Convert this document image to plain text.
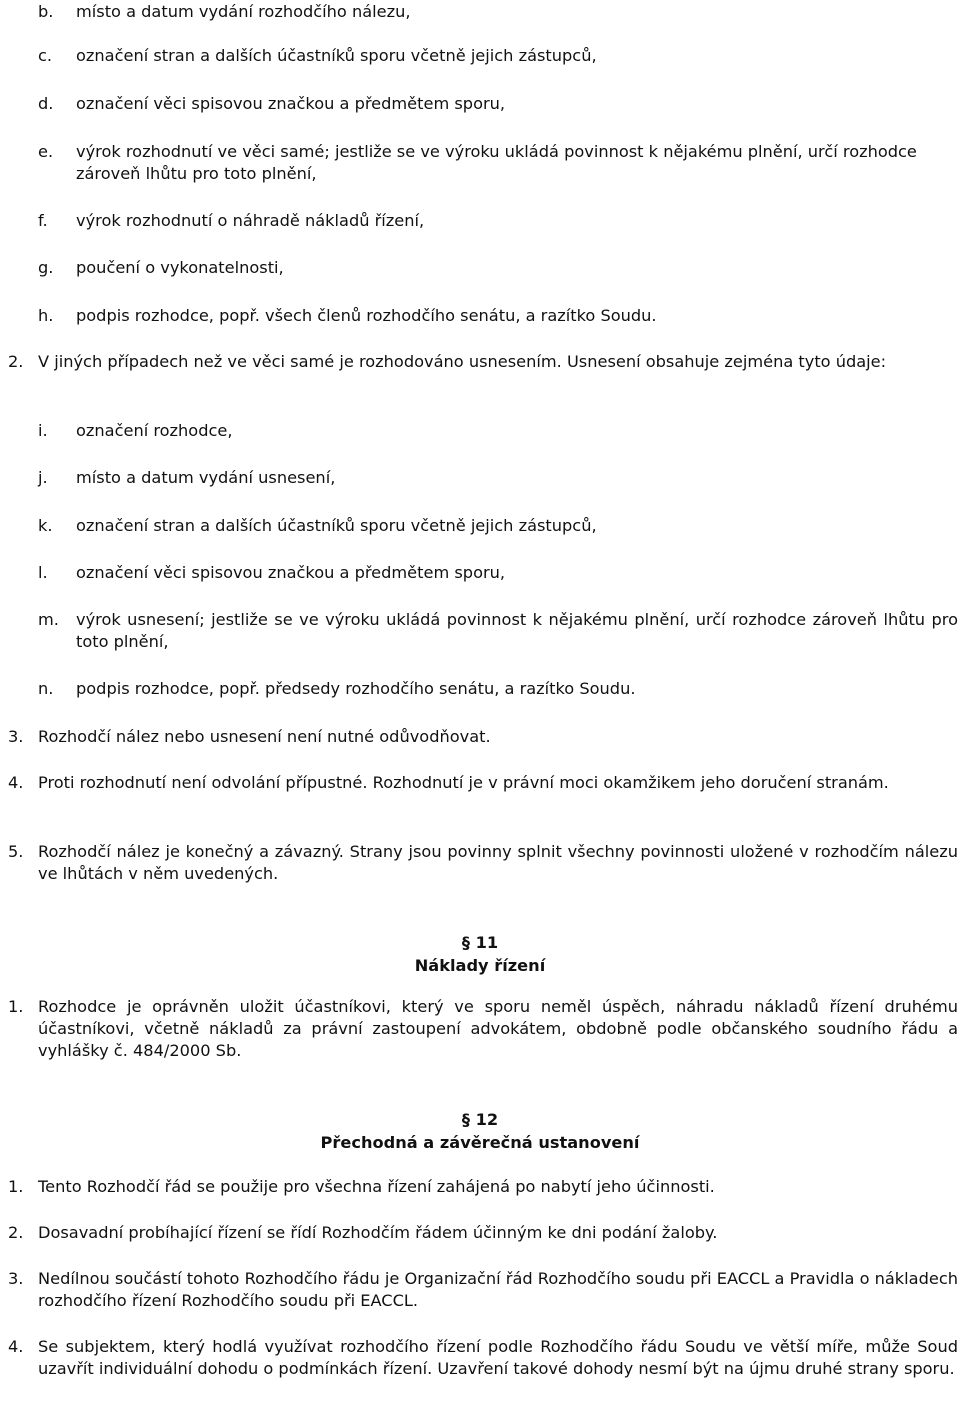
b.	místo a datum vydání rozhodčího nálezu,
c.	označení stran a dalších účastníků sporu včetně jejich zástupců,
d.	označení věci spisovou značkou a předmětem sporu,
e.	výrok rozhodnutí ve věci samé; jestliže se ve výroku ukládá povinnost k nějakému plnění, určí rozhodce zároveň lhůtu pro toto plnění,
f.	výrok rozhodnutí o náhradě nákladů řízení,
g.	poučení o vykonatelnosti,
h.	podpis rozhodce, popř. všech členů rozhodčího senátu, a razítko Soudu.
2. V jiných případech než ve věci samé je rozhodováno usnesením. Usnesení obsahuje zejména tyto údaje:
i.	označení rozhodce,
j.	místo a datum vydání usnesení,
k.	označení stran a dalších účastníků sporu včetně jejich zástupců,
l.	označení věci spisovou značkou a předmětem sporu,
m.	výrok usnesení; jestliže se ve výroku ukládá povinnost k nějakému plnění, určí rozhodce zároveň lhůtu pro toto plnění,
n.	podpis rozhodce, popř. předsedy rozhodčího senátu, a razítko Soudu.
3. Rozhodčí nález nebo usnesení není nutné odůvodňovat.
4. Proti rozhodnutí není odvolání přípustné. Rozhodnutí je v právní moci okamžikem jeho doručení stranám.
5. Rozhodčí nález je konečný a závazný. Strany jsou povinny splnit všechny povinnosti uložené v rozhodčím nálezu ve lhůtách v něm uvedených.
§ 11
Náklady řízení
1. Rozhodce je oprávněn uložit účastníkovi, který ve sporu neměl úspěch, náhradu nákladů řízení druhému účastníkovi, včetně nákladů za právní zastoupení advokátem, obdobně podle občanského soudního řádu a vyhlášky č. 484/2000 Sb.
§ 12
Přechodná a závěrečná ustanovení
1. Tento Rozhodčí řád se použije pro všechna řízení zahájená po nabytí jeho účinnosti.
2. Dosavadní probíhající řízení se řídí Rozhodčím řádem účinným ke dni podání žaloby.
3. Nedílnou součástí tohoto Rozhodčího řádu je Organizační řád Rozhodčího soudu při EACCL a Pravidla o nákladech rozhodčího řízení Rozhodčího soudu při EACCL.
4. Se subjektem, který hodlá využívat rozhodčího řízení podle Rozhodčího řádu Soudu ve větší míře, může Soud uzavřít individuální dohodu o podmínkách řízení. Uzavření takové dohody nesmí být na újmu druhé strany sporu.
